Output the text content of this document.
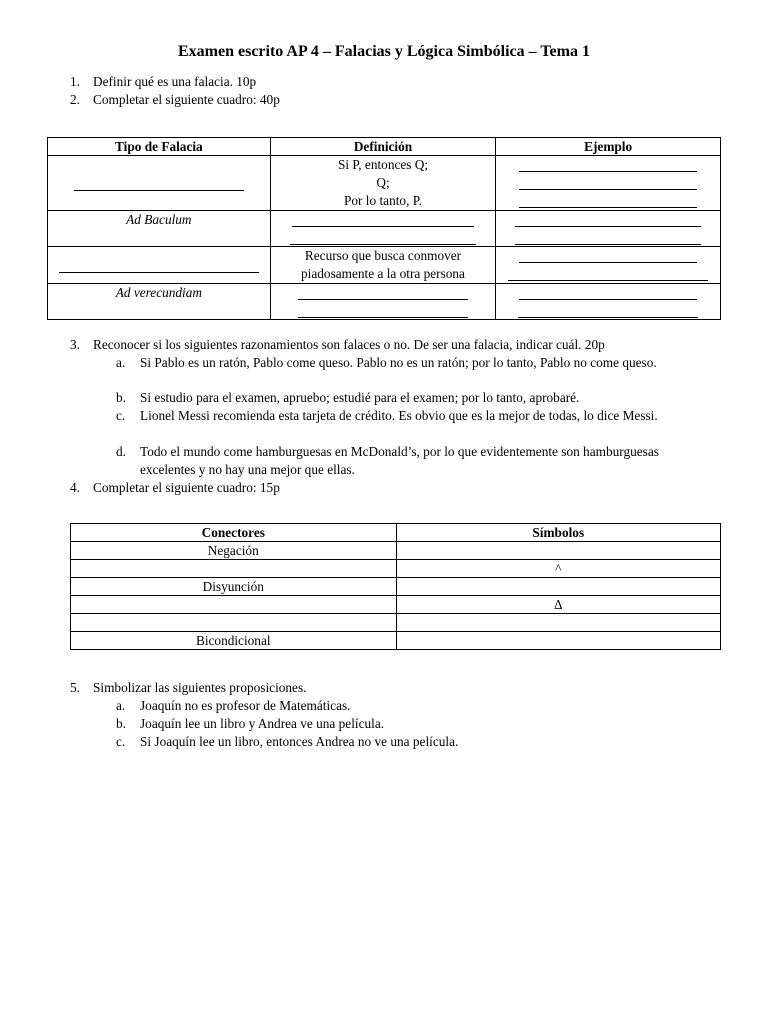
Examen escrito AP 4 – Falacias y Lógica Simbólica – Tema 1
1. Definir qué es una falacia. 10p
2. Completar el siguiente cuadro: 40p
Tipo de Falacia	Definición	Ejemplo

	Si P, entonces Q;
Q;
Por lo tanto, P.	

Ad Baculum	

	Recurso que busca conmover
piadosamente a la otra persona	

Ad verecundiam	

3. Reconocer si los siguientes razonamientos son falaces o no. De ser una falacia, indicar cuál. 20p
a. Si Pablo es un ratón, Pablo come queso. Pablo no es un ratón; por lo tanto, Pablo no come queso.
b. Si estudio para el examen, apruebo; estudié para el examen; por lo tanto, aprobaré.
c. Lionel Messi recomienda esta tarjeta de crédito. Es obvio que es la mejor de todas, lo dice Messi.
d. Todo el mundo come hamburguesas en McDonald’s, por lo que evidentemente son hamburguesas excelentes y no hay una mejor que ellas.
4. Completar el siguiente cuadro: 15p
Conectores	Símbolos
Negación	
	^
Disyunción	
	Δ

Bicondicional	
5. Simbolizar las siguientes proposiciones.
a. Joaquín no es profesor de Matemáticas.
b. Joaquín lee un libro y Andrea ve una película.
c. Si Joaquín lee un libro, entonces Andrea no ve una película.
